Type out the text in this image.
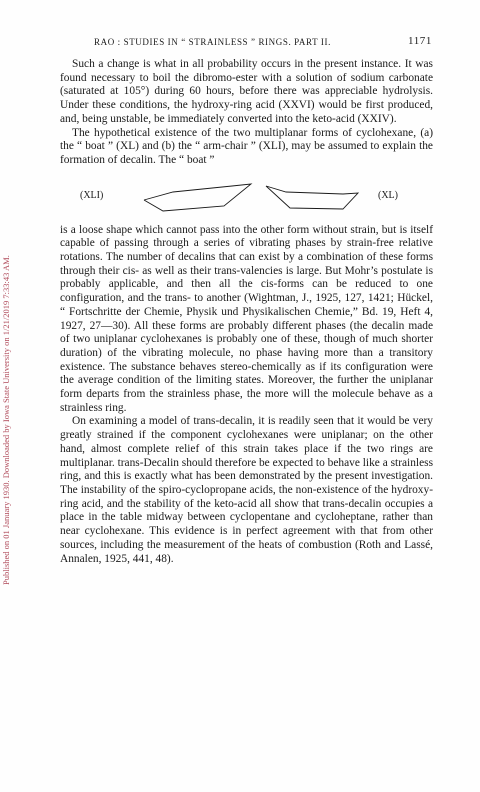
Published on 01 January 1930. Downloaded by Iowa State University on 1/21/2019 7:33:43 AM.
RAO : STUDIES IN “ STRAINLESS ” RINGS. PART II.	1171

Such a change is what in all probability occurs in the present instance. It was found necessary to boil the dibromo-ester with a solution of sodium carbonate (saturated at 105°) during 60 hours, before there was appreciable hydrolysis. Under these conditions, the hydroxy-ring acid (XXVI) would be first produced, and, being unstable, be immediately converted into the keto-acid (XXIV).

The hypothetical existence of the two multiplanar forms of cyclohexane, (a) the “ boat ” (XL) and (b) the “ arm-chair ” (XLI), may be assumed to explain the formation of decalin. The “ boat ”

(XLI)	(XL)

is a loose shape which cannot pass into the other form without strain, but is itself capable of passing through a series of vibrating phases by strain-free relative rotations. The number of decalins that can exist by a combination of these forms through their cis- as well as their trans-valencies is large. But Mohr’s postulate is probably applicable, and then all the cis-forms can be reduced to one configuration, and the trans- to another (Wightman, J., 1925, 127, 1421; Hückel, “ Fortschritte der Chemie, Physik und Physikalischen Chemie,” Bd. 19, Heft 4, 1927, 27—30). All these forms are probably different phases (the decalin made of two uniplanar cyclohexanes is probably one of these, though of much shorter duration) of the vibrating molecule, no phase having more than a transitory existence. The substance behaves stereo-chemically as if its configuration were the average condition of the limiting states. Moreover, the further the uniplanar form departs from the strainless phase, the more will the molecule behave as a strainless ring.

On examining a model of trans-decalin, it is readily seen that it would be very greatly strained if the component cyclohexanes were uniplanar; on the other hand, almost complete relief of this strain takes place if the two rings are multiplanar. trans-Decalin should therefore be expected to behave like a strainless ring, and this is exactly what has been demonstrated by the present investigation. The instability of the spiro-cyclopropane acids, the non-existence of the hydroxy-ring acid, and the stability of the keto-acid all show that trans-decalin occupies a place in the table midway between cyclopentane and cycloheptane, rather than near cyclohexane. This evidence is in perfect agreement with that from other sources, including the measurement of the heats of combustion (Roth and Lassé, Annalen, 1925, 441, 48).
